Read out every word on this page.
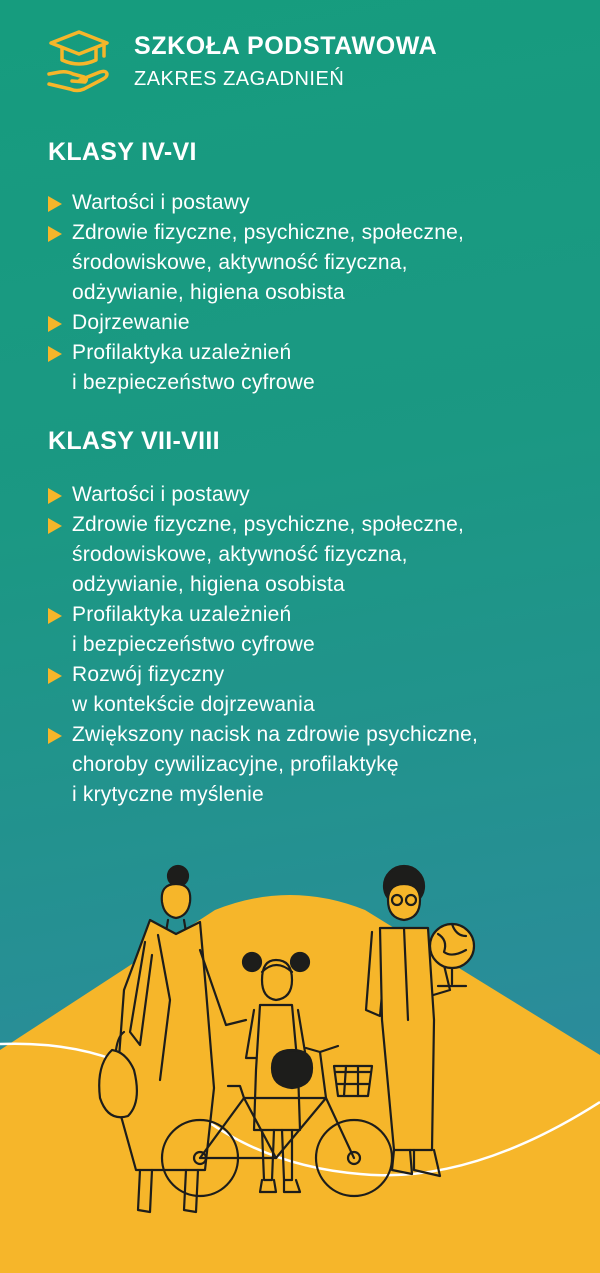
SZKOŁA PODSTAWOWA
ZAKRES ZAGADNIEŃ
KLASY IV-VI
Wartości i postawy
Zdrowie fizyczne, psychiczne, społeczne,
środowiskowe, aktywność fizyczna,
odżywianie, higiena osobista
Dojrzewanie
Profilaktyka uzależnień
i bezpieczeństwo cyfrowe
KLASY VII-VIII
Wartości i postawy
Zdrowie fizyczne, psychiczne, społeczne,
środowiskowe, aktywność fizyczna,
odżywianie, higiena osobista
Profilaktyka uzależnień
i bezpieczeństwo cyfrowe
Rozwój fizyczny
w kontekście dojrzewania
Zwiększony nacisk na zdrowie psychiczne,
choroby cywilizacyjne, profilaktykę
i krytyczne myślenie
